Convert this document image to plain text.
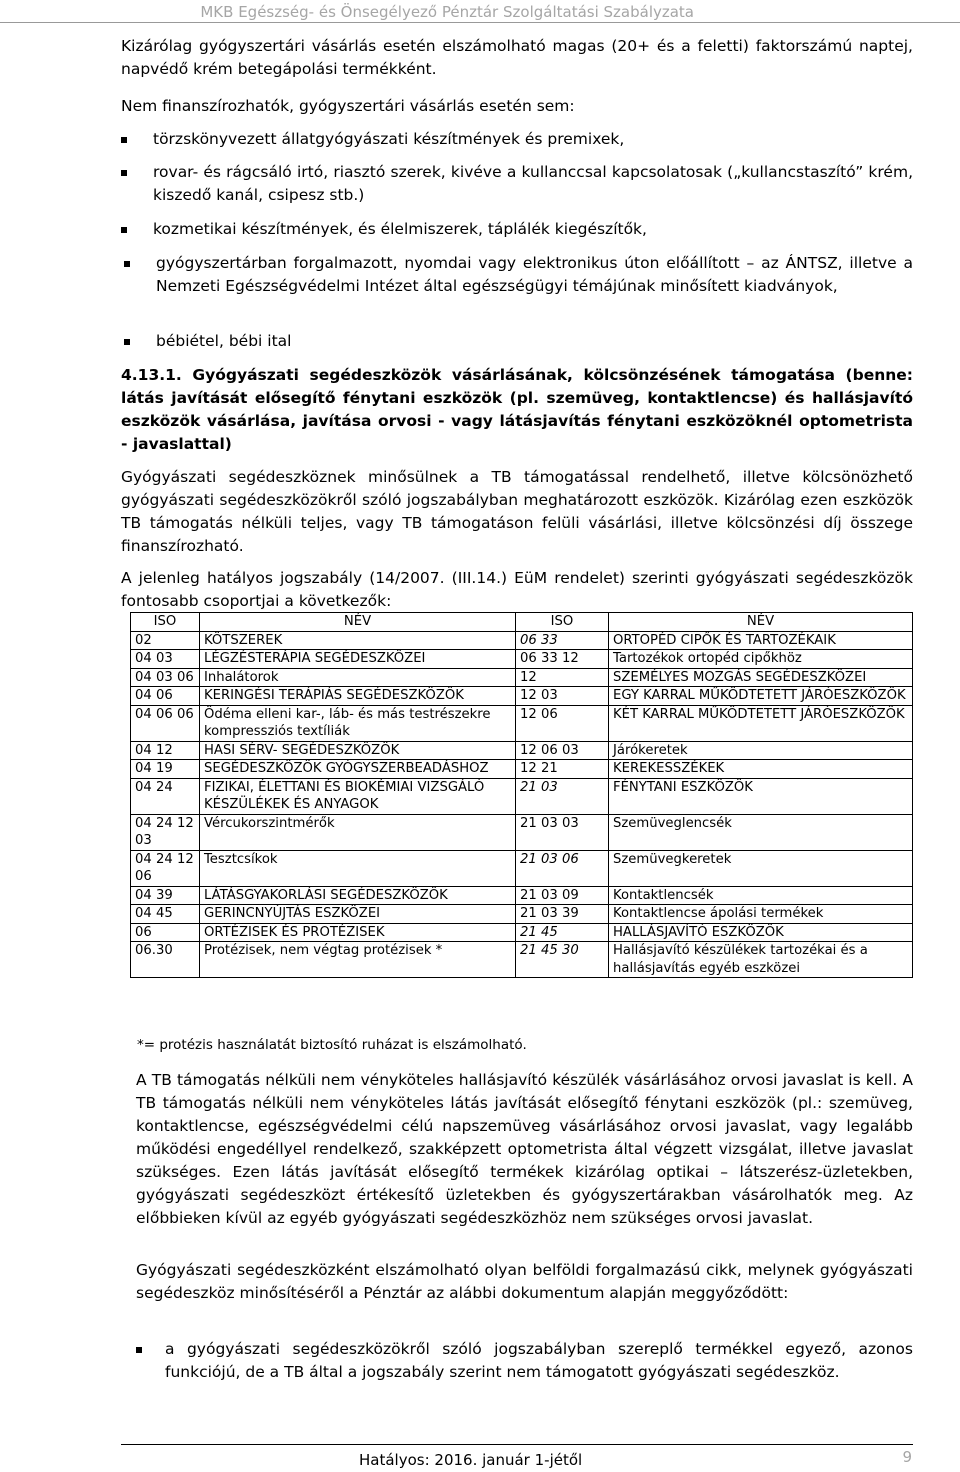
MKB Egészség- és Önsegélyező Pénztár Szolgáltatási Szabályzata
Kizárólag gyógyszertári vásárlás esetén elszámolható magas (20+ és a feletti) faktorszámú naptej, napvédő krém betegápolási termékként.
Nem finanszírozhatók, gyógyszertári vásárlás esetén sem:
törzskönyvezett állatgyógyászati készítmények és premixek,
rovar- és rágcsáló irtó, riasztó szerek, kivéve a kullanccsal kapcsolatosak („kullancstaszító” krém, kiszedő kanál, csipesz stb.)
kozmetikai készítmények, és élelmiszerek, táplálék kiegészítők,
gyógyszertárban forgalmazott, nyomdai vagy elektronikus úton előállított – az ÁNTSZ, illetve a Nemzeti Egészségvédelmi Intézet által egészségügyi témájúnak minősített kiadványok,
bébiétel, bébi ital
4.13.1. Gyógyászati segédeszközök vásárlásának, kölcsönzésének támogatása (benne: látás javítását elősegítő fénytani eszközök (pl. szemüveg, kontaktlencse) és hallásjavító eszközök vásárlása, javítása orvosi - vagy látásjavítás fénytani eszközöknél optometrista - javaslattal)
Gyógyászati segédeszköznek minősülnek a TB támogatással rendelhető, illetve kölcsönözhető gyógyászati segédeszközökről szóló jogszabályban meghatározott eszközök. Kizárólag ezen eszközök TB támogatás nélküli teljes, vagy TB támogatáson felüli vásárlási, illetve kölcsönzési díj összege finanszírozható.
A jelenleg hatályos jogszabály (14/2007. (III.14.) EüM rendelet) szerinti gyógyászati segédeszközök fontosabb csoportjai a következők:
ISO	NÉV	ISO	NÉV
02	KÖTSZEREK	06 33	ORTOPÉD CIPŐK ÉS TARTOZÉKAIK
04 03	LÉGZÉSTERÁPIA SEGÉDESZKÖZEI	06 33 12	Tartozékok ortopéd cipőkhöz
04 03 06	Inhalátorok	12	SZEMÉLYES MOZGÁS SEGÉDESZKÖZEI
04 06	KERINGÉSI TERÁPIÁS SEGÉDESZKÖZÖK	12 03	EGY KARRAL MŰKÖDTETETT JÁRÓESZKÖZÖK
04 06 06	Ödéma elleni kar-, láb- és más testrészekre kompressziós textíliák	12 06	KÉT KARRAL MŰKÖDTETETT JÁRÓESZKÖZÖK
04 12	HASI SÉRV- SEGÉDESZKÖZÖK	12 06 03	Járókeretek
04 19	SEGÉDESZKÖZÖK GYÓGYSZERBEADÁSHOZ	12 21	KEREKESSZÉKEK
04 24	FIZIKAI, ÉLETTANI ÉS BIOKÉMIAI VIZSGÁLÓ KÉSZÜLÉKEK ÉS ANYAGOK	21 03	FÉNYTANI ESZKÖZÖK
04 24 12 03	Vércukorszintmérők	21 03 03	Szemüveglencsék
04 24 12 06	Tesztcsíkok	21 03 06	Szemüvegkeretek
04 39	LÁTÁSGYAKORLÁSI SEGÉDESZKÖZÖK	21 03 09	Kontaktlencsék
04 45	GERINCNYÚJTÁS ESZKÖZEI	21 03 39	Kontaktlencse ápolási termékek
06	ORTÉZISEK ÉS PROTÉZISEK	21 45	HALLÁSJAVÍTÓ ESZKÖZÖK
06.30	Protézisek, nem végtag protézisek *	21 45 30	Hallásjavító készülékek tartozékai és a hallásjavítás egyéb eszközei
*= protézis használatát biztosító ruházat is elszámolható.
A TB támogatás nélküli nem vényköteles hallásjavító készülék vásárlásához orvosi javaslat is kell. A TB támogatás nélküli nem vényköteles látás javítását elősegítő fénytani eszközök (pl.: szemüveg, kontaktlencse, egészségvédelmi célú napszemüveg vásárlásához orvosi javaslat, vagy legalább működési engedéllyel rendelkező, szakképzett optometrista által végzett vizsgálat, illetve javaslat szükséges. Ezen látás javítását elősegítő termékek kizárólag optikai – látszerész-üzletekben, gyógyászati segédeszközt értékesítő üzletekben és gyógyszertárakban vásárolhatók meg. Az előbbieken kívül az egyéb gyógyászati segédeszközhöz nem szükséges orvosi javaslat.
Gyógyászati segédeszközként elszámolható olyan belföldi forgalmazású cikk, melynek gyógyászati segédeszköz minősítéséről a Pénztár az alábbi dokumentum alapján meggyőződött:
a gyógyászati segédeszközökről szóló jogszabályban szereplő termékkel egyező, azonos funkciójú, de a TB által a jogszabály szerint nem támogatott gyógyászati segédeszköz.
Hatályos: 2016. január 1-jétől	9
